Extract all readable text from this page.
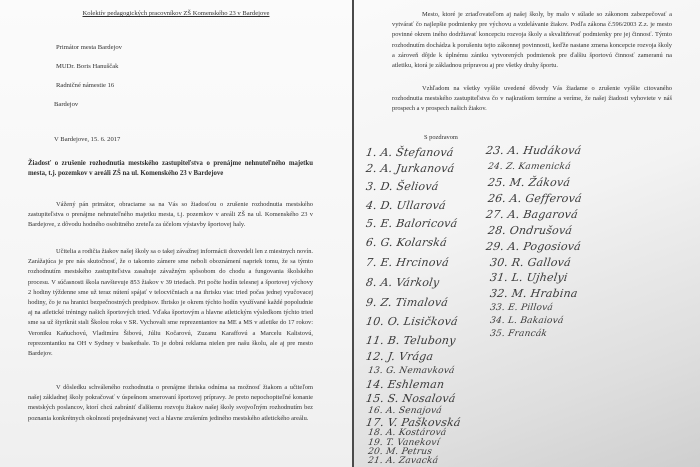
Kolektív pedagogických pracovníkov ZŠ Komenského 23 v Bardejove
Primátor mesta Bardejov
MUDr. Boris Hanuščak
Radničné námestie 16
Bardejov
V Bardejove, 15. 6. 2017
Žiadosť o zrušenie rozhodnutia mestského zastupiteľstva o prenájme nehnuteľného majetku mesta, t.j. pozemkov v areáli ZŠ na ul. Komenského 23 v Bardejove
Vážený pán primátor, obraciame sa na Vás so žiadosťou o zrušenie rozhodnutia mestského zastupiteľstva o prenájme nehnuteľného majetku mesta, t.j. pozemkov v areáli ZŠ na ul. Komenského 23 v Bardejove, z dôvodu hodného osobitného zreteľa za účelom výstavby športovej haly.
Učitelia a rodičia žiakov našej školy sa o takej závažnej informácii dozvedeli len z miestnych novín. Zarážajúca je pre nás skutočnosť, že o takomto zámere sme neboli oboznámení napriek tomu, že sa týmto rozhodnutím mestského zastupiteľstva zasahuje závažným spôsobom do chodu a fungovania školského procesu. V súčasnosti škola navštevuje 853 žiakov v 39 triedach. Pri počte hodín telesnej a športovej výchovy 2 hodiny týždenne sme už teraz nútení spájať v telocvičniach a na ihrisku viac tried počas jednej vyučovacej hodiny, čo je na hranici bezpečnostných predpisov. Ihrisko je okrem týchto hodín využívané každé popoludnie aj na atletické tréningy našich športových tried. Vďaka športovým a hlavne atletickým výsledkom týchto tried sme sa už štyrikrát stali Školou roka v SR. Vychovali sme reprezentantov na ME a MS v atletike do 17 rokov: Veroniku Kaňuchovú, Vladimíru Šibovú, Júliu Kočarovú, Zuzanu Karaffovú a Marcelu Kalistovú, reprezentantku na OH v Sydney v basketbale. To je dobrá reklama nielen pre našu školu, ale aj pre mesto Bardejov.
V dôsledku schváleného rozhodnutia o prenájme ihriska odníma sa možnosť žiakom a učiteľom našej základnej školy pokračovať v úspešnom smerovaní športovej prípravy. Je preto nepochopiteľné konanie mestských poslancov, ktorí chcú zabrániť ďalšiemu rozvoju žiakov našej školy svojvoľným rozhodnutím bez poznania konkrétnych okolností prejednávanej veci a hlavne zrušením jediného mestského atletického areálu.
Mesto, ktoré je zriaďovateľom aj našej školy, by malo v súlade so zákonom zabezpečovať a vytvárať čo najlepšie podmienky pre výchovu a vzdelávanie žiakov. Podľa zákona č.596/2003 Z.z. je mesto povinné okrem iného dodržiavať koncepciu rozvoja školy a skvalitňovať podmienky pre jej činnosť. Týmto rozhodnutím dochádza k porušeniu tejto zákonnej povinnosti, keďže nastane zmena koncepcie rozvoja školy a zároveň dôjde k úplnému zániku vytvorených podmienok pre ďalšiu športovú činnosť zameranú na atletiku, ktorá je základnou prípravou aj pre všetky druhy športu.
Vzhľadom na všetky vyššie uvedené dôvody Vás žiadame o zrušenie vyššie citovaného rozhodnutia mestského zastupiteľstva čo v najkratšom termíne a veríme, že našej žiadosti vyhoviete v náš prospech a v prospech našich žiakov.
S pozdravom
1. A. Štefanová
2. A. Jurkanová
3. D. Šeliová
4. D. Ullarová
5. E. Baloricová
6. G. Kolarská
7. E. Hrcinová
8. A. Várkoly
9. Z. Timalová
10. O. Lisičková
11. B. Telubony
12. J. Vrága
13. G. Nemavková
14. Eshleman
15. S. Nosalová
16. A. Senajová
17. V. Paškovská
18. A. Kostárová
19. T. Vanekoví
20. M. Petrus
21. A. Zavacká
23. A. Hudáková
24. Z. Kamenická
25. M. Žáková
26. A. Gefferová
27. A. Bagarová
28. Ondrušová
29. A. Pogosiová
30. R. Gallová
31. L. Ujhelyi
32. M. Hrabina
33. E. Pillová
34. L. Bakaiová
35. Francák
